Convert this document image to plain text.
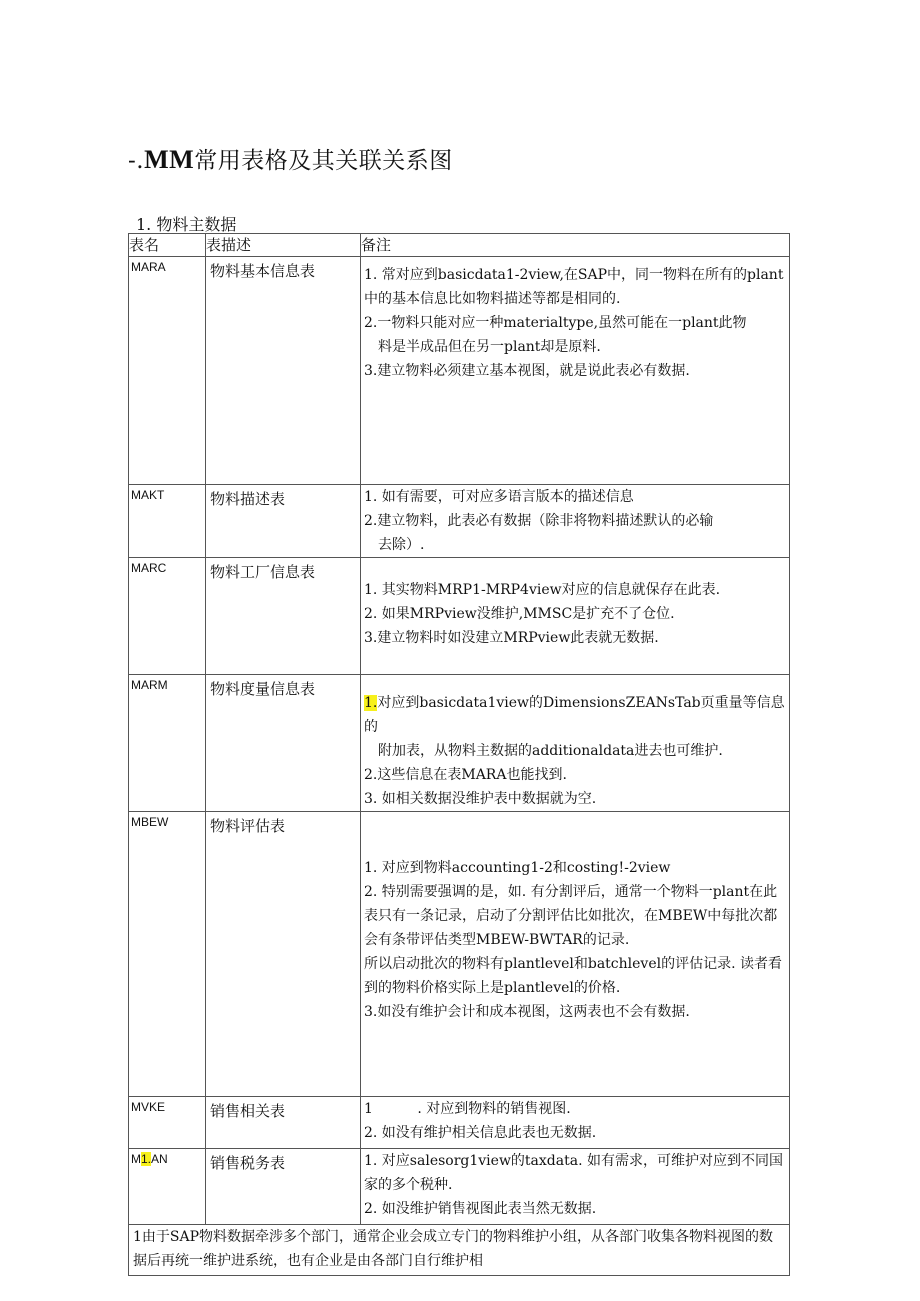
-.MM常用表格及其关联关系图
1. 物料主数据
表名	表描述	备注
MARA	物料基本信息表	1. 常对应到basicdata1-2view,在SAP中，同一物料在所有的plant中的基本信息比如物料描述等都是相同的.
2.一物料只能对应一种materialtype,虽然可能在一plant此物
料是半成品但在另一plant却是原料.
3.建立物料必须建立基本视图，就是说此表必有数据.

MAKT	物料描述表	1. 如有需要，可对应多语言版本的描述信息
2.建立物料，此表必有数据（除非将物料描述默认的必输
去除）.

MARC	物料工厂信息表	1. 其实物料MRP1-MRP4view对应的信息就保存在此表.
2. 如果MRPview没维护,MMSC是扩充不了仓位.
3.建立物料时如没建立MRPview此表就无数据.

MARM	物料度量信息表	1.对应到basicdata1view的DimensionsZEANsTab页重量等信息的
附加表，从物料主数据的additionaldata进去也可维护.
2.这些信息在表MARA也能找到.
3. 如相关数据没维护表中数据就为空.

MBEW	物料评估表	1. 对应到物料accounting1-2和costing!-2view
2. 特别需要强调的是，如. 有分割评后，通常一个物料一plant在此表只有一条记录，启动了分割评估比如批次，在MBEW中每批次都会有条带评估类型MBEW-BWTAR的记录.
所以启动批次的物料有plantlevel和batchlevel的评估记录. 读者看到的物料价格实际上是plantlevel的价格.
3.如没有维护会计和成本视图，这两表也不会有数据.

MVKE	销售相关表	1          . 对应到物料的销售视图.
2. 如没有维护相关信息此表也无数据.

M1.AN	销售税务表	1. 对应salesorg1view的taxdata. 如有需求，可维护对应到不同国家的多个税种.
2. 如没维护销售视图此表当然无数据.

1由于SAP物料数据牵涉多个部门，通常企业会成立专门的物料维护小组，从各部门收集各物料视图的数据后再统一维护进系统，也有企业是由各部门自行维护相		
